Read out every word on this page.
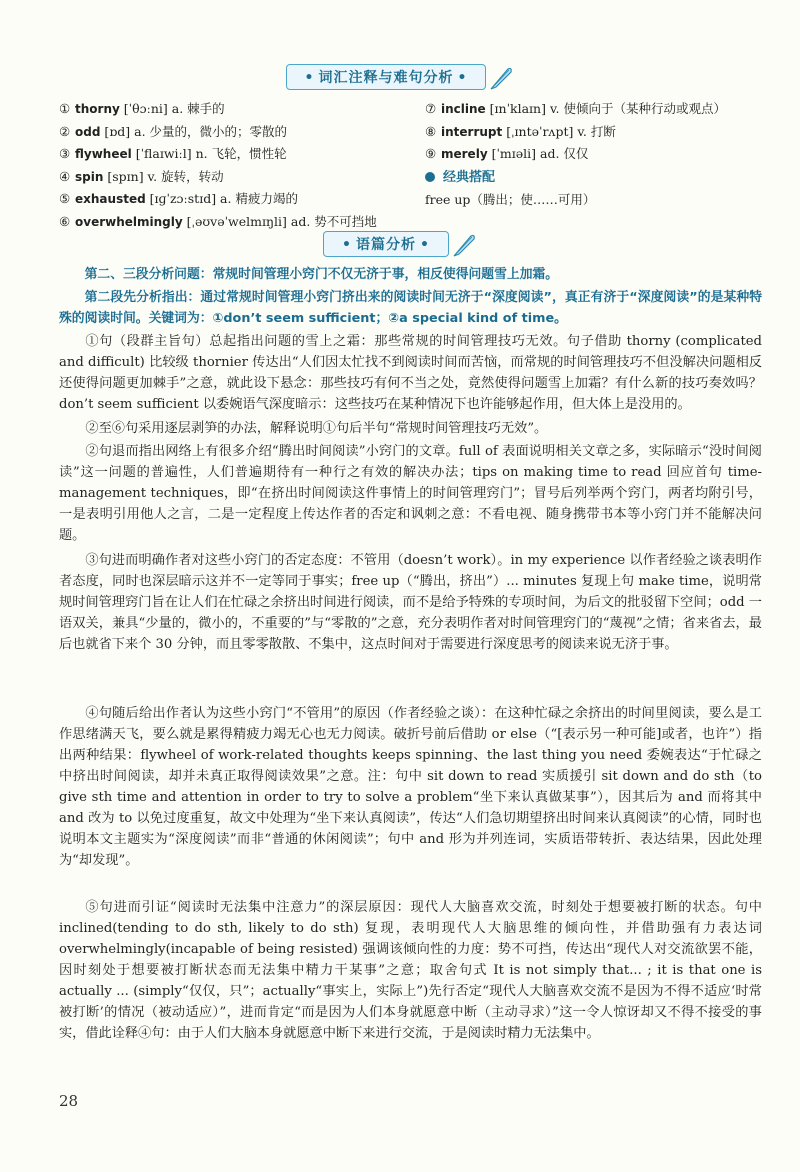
• 词汇注释与难句分析 •
① thorny [ˈθɔːni] a. 棘手的
② odd [ɒd] a. 少量的，微小的；零散的
③ flywheel [ˈflaɪwiːl] n. 飞轮，惯性轮
④ spin [spɪn] v. 旋转，转动
⑤ exhausted [ɪɡˈzɔːstɪd] a. 精疲力竭的
⑥ overwhelmingly [ˌəʊvəˈwelmɪŋli] ad. 势不可挡地
⑦ incline [ɪnˈklaɪn] v. 使倾向于（某种行动或观点）
⑧ interrupt [ˌɪntəˈrʌpt] v. 打断
⑨ merely [ˈmɪəli] ad. 仅仅
经典搭配
free up（腾出；使……可用）
• 语篇分析 •
第二、三段分析问题：常规时间管理小窍门不仅无济于事，相反使得问题雪上加霜。
第二段先分析指出：通过常规时间管理小窍门挤出来的阅读时间无济于“深度阅读”，真正有济于“深度阅读”的是某种特殊的阅读时间。关键词为：①don’t seem sufficient；②a special kind of time。
①句（段群主旨句）总起指出问题的雪上之霜：那些常规的时间管理技巧无效。句子借助 thorny (complicated and difficult) 比较级 thornier 传达出“人们因太忙找不到阅读时间而苦恼，而常规的时间管理技巧不但没解决问题相反还使得问题更加棘手”之意，就此设下悬念：那些技巧有何不当之处，竟然使得问题雪上加霜？有什么新的技巧奏效吗？don’t seem sufficient 以委婉语气深度暗示：这些技巧在某种情况下也许能够起作用，但大体上是没用的。
②至⑥句采用逐层剥笋的办法，解释说明①句后半句“常规时间管理技巧无效”。
②句退而指出网络上有很多介绍“腾出时间阅读”小窍门的文章。full of 表面说明相关文章之多，实际暗示“没时间阅读”这一问题的普遍性，人们普遍期待有一种行之有效的解决办法；tips on making time to read 回应首句 time-management techniques，即“在挤出时间阅读这件事情上的时间管理窍门”；冒号后列举两个窍门，两者均附引号，一是表明引用他人之言，二是一定程度上传达作者的否定和讽刺之意：不看电视、随身携带书本等小窍门并不能解决问题。
③句进而明确作者对这些小窍门的否定态度：不管用（doesn’t work）。in my experience 以作者经验之谈表明作者态度，同时也深层暗示这并不一定等同于事实；free up（“腾出，挤出”）... minutes 复现上句 make time，说明常规时间管理窍门旨在让人们在忙碌之余挤出时间进行阅读，而不是给予特殊的专项时间，为后文的批驳留下空间；odd 一语双关，兼具“少量的，微小的，不重要的”与“零散的”之意，充分表明作者对时间管理窍门的“蔑视”之情；省来省去，最后也就省下来个 30 分钟，而且零零散散、不集中，这点时间对于需要进行深度思考的阅读来说无济于事。
④句随后给出作者认为这些小窍门“不管用”的原因（作者经验之谈）：在这种忙碌之余挤出的时间里阅读，要么是工作思绪满天飞，要么就是累得精疲力竭无心也无力阅读。破折号前后借助 or else（“[表示另一种可能]或者，也许”）指出两种结果：flywheel of work-related thoughts keeps spinning、the last thing you need 委婉表达“于忙碌之中挤出时间阅读，却并未真正取得阅读效果”之意。注：句中 sit down to read 实质援引 sit down and do sth（to give sth time and attention in order to try to solve a problem“坐下来认真做某事”），因其后为 and 而将其中 and 改为 to 以免过度重复，故文中处理为“坐下来认真阅读”，传达“人们急切期望挤出时间来认真阅读”的心情，同时也说明本文主题实为“深度阅读”而非“普通的休闲阅读”；句中 and 形为并列连词，实质语带转折、表达结果，因此处理为“却发现”。
⑤句进而引证“阅读时无法集中注意力”的深层原因：现代人大脑喜欢交流，时刻处于想要被打断的状态。句中 inclined(tending to do sth, likely to do sth) 复现，表明现代人大脑思维的倾向性，并借助强有力表达词 overwhelmingly(incapable of being resisted) 强调该倾向性的力度：势不可挡，传达出“现代人对交流欲罢不能，因时刻处于想要被打断状态而无法集中精力干某事”之意；取舍句式 It is not simply that... ; it is that one is actually ... (simply“仅仅，只”；actually“事实上，实际上”)先行否定“现代人大脑喜欢交流不是因为不得不适应‘时常被打断’的情况（被动适应）”，进而肯定“而是因为人们本身就愿意中断（主动寻求）”这一令人惊讶却又不得不接受的事实，借此诠释④句：由于人们大脑本身就愿意中断下来进行交流，于是阅读时精力无法集中。
28
